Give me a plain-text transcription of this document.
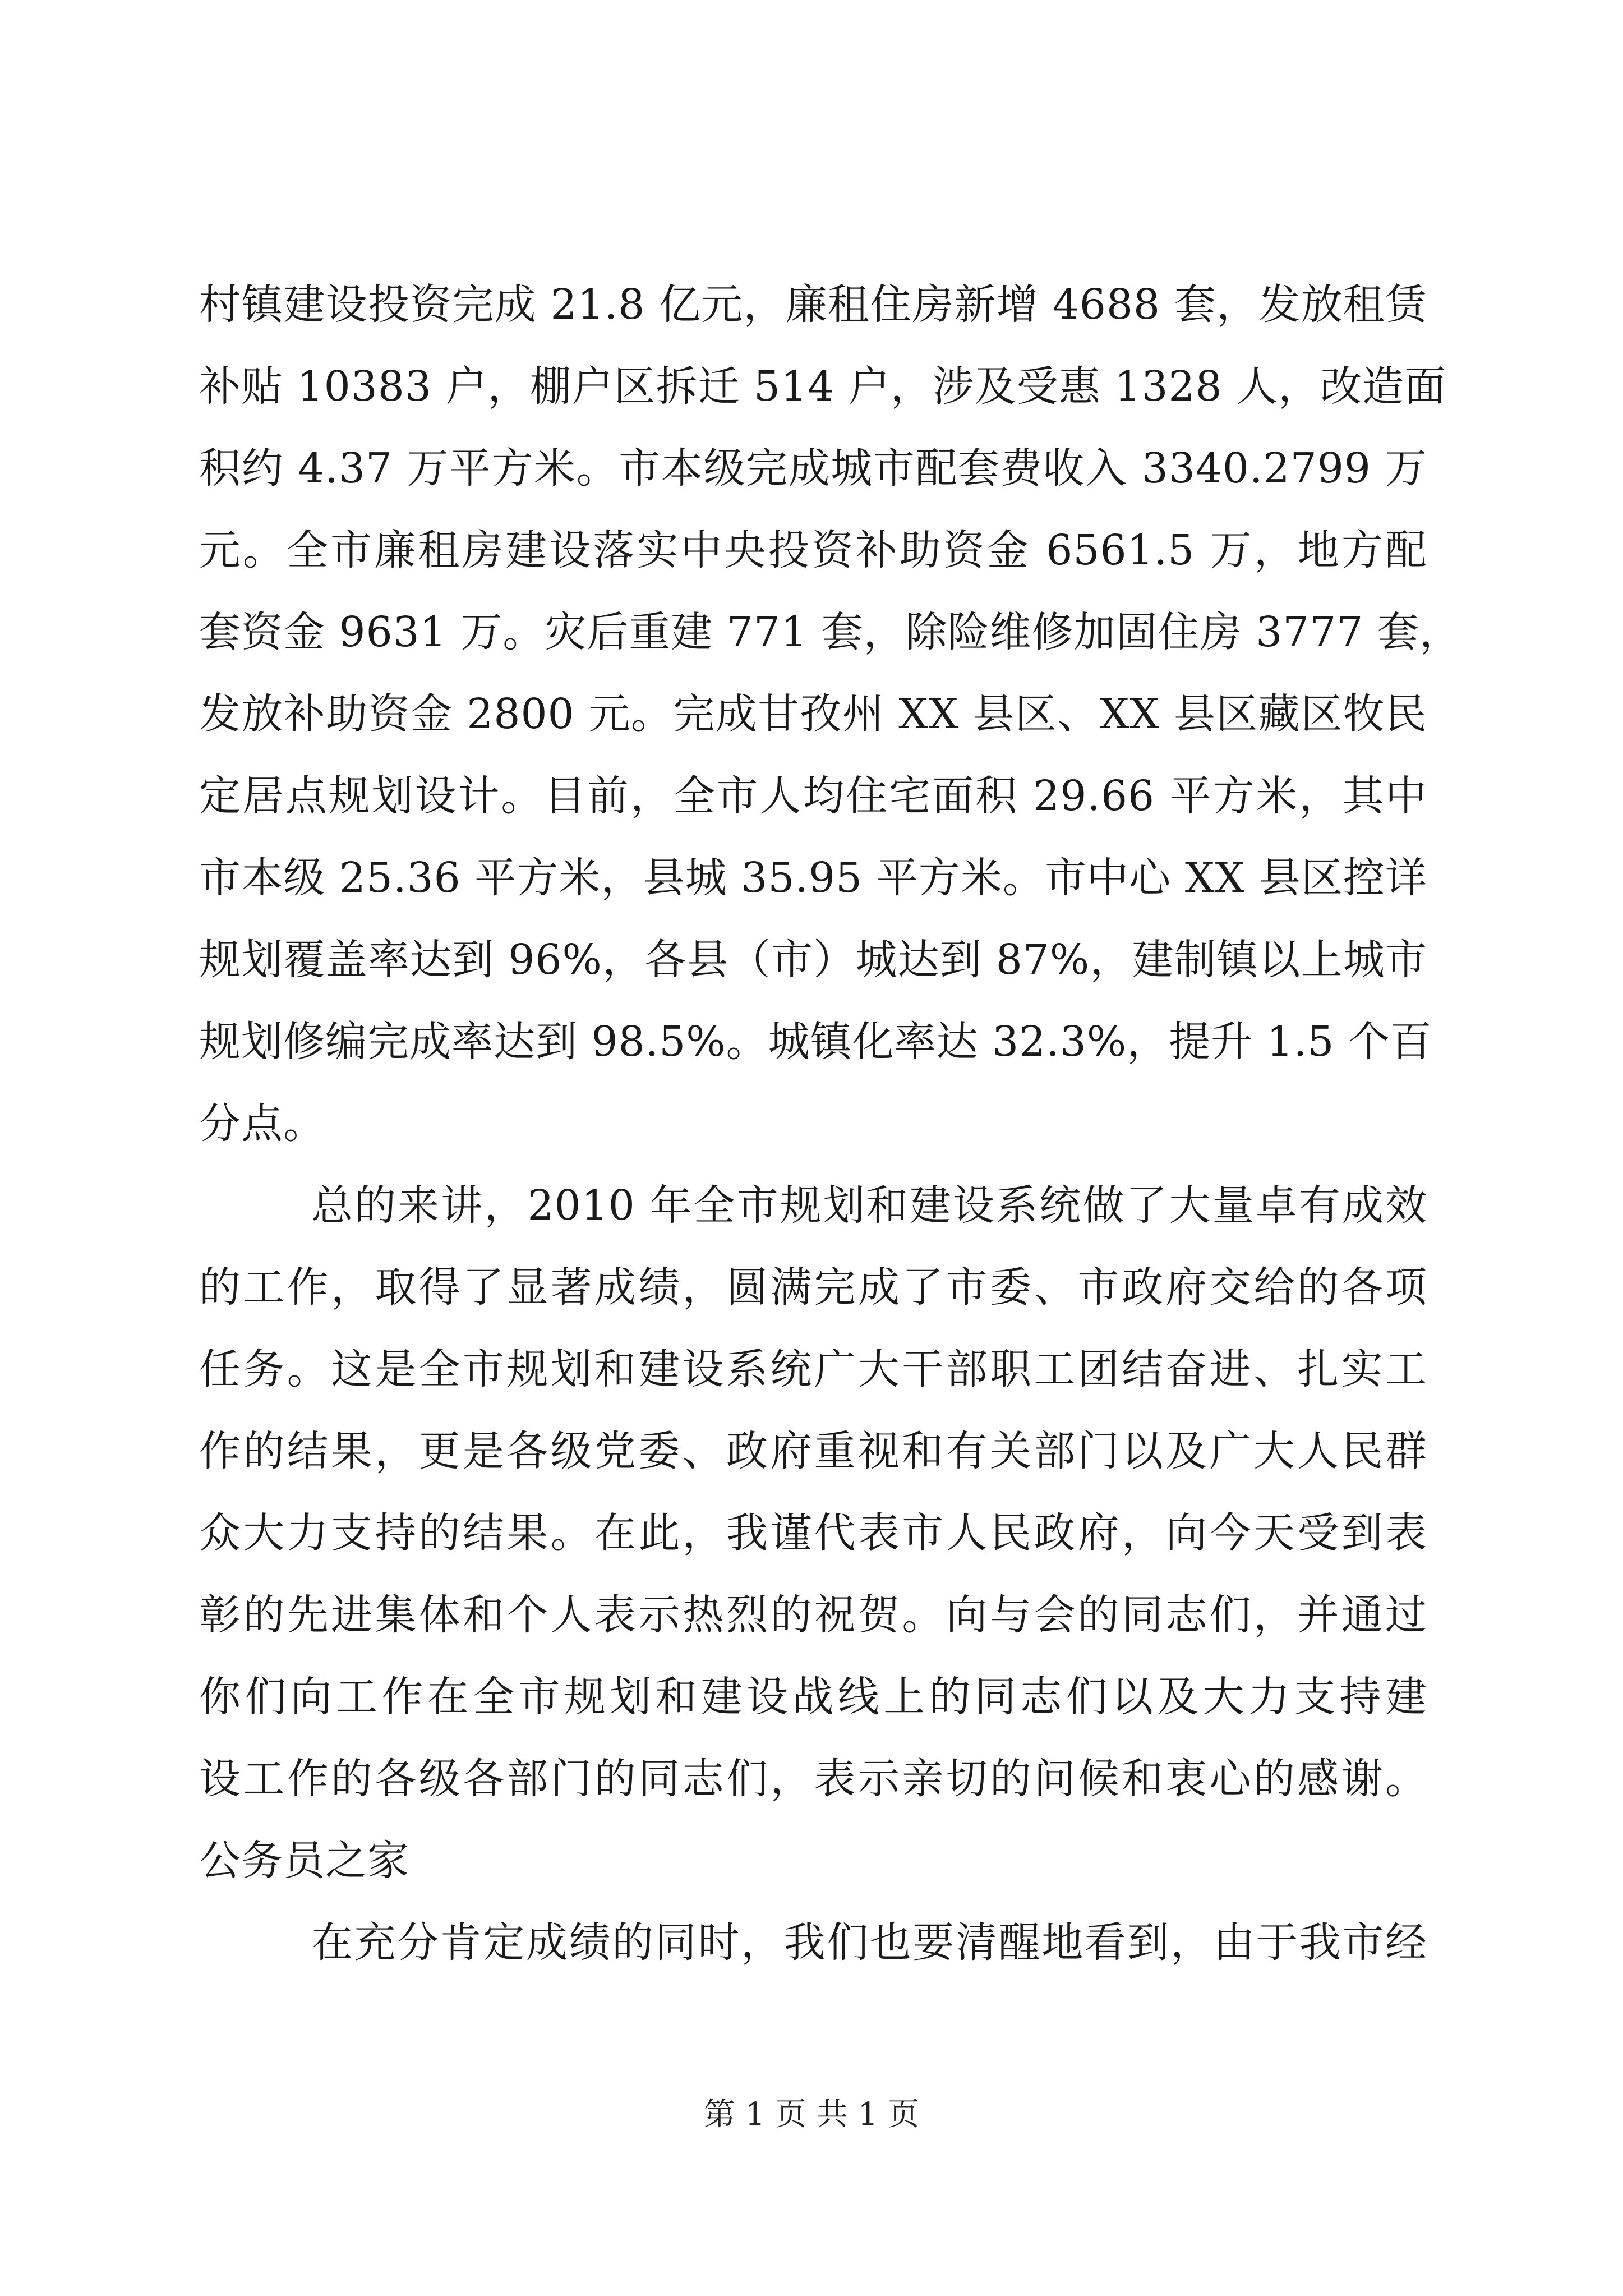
村镇建设投资完成 21.8 亿元，廉租住房新增 4688 套，发放租赁
补贴 10383 户，棚户区拆迁 514 户，涉及受惠 1328 人，改造面
积约 4.37 万平方米。市本级完成城市配套费收入 3340.2799 万
元。全市廉租房建设落实中央投资补助资金 6561.5 万，地方配
套资金 9631 万。灾后重建 771 套，除险维修加固住房 3777 套，
发放补助资金 2800 元。完成甘孜州 XX 县区、XX 县区藏区牧民
定居点规划设计。目前，全市人均住宅面积 29.66 平方米，其中
市本级 25.36 平方米，县城 35.95 平方米。市中心 XX 县区控详
规划覆盖率达到 96%，各县（市）城达到 87%，建制镇以上城市
规划修编完成率达到 98.5%。城镇化率达 32.3%，提升 1.5 个百
分点。
总的来讲，2010 年全市规划和建设系统做了大量卓有成效
的工作，取得了显著成绩，圆满完成了市委、市政府交给的各项
任务。这是全市规划和建设系统广大干部职工团结奋进、扎实工
作的结果，更是各级党委、政府重视和有关部门以及广大人民群
众大力支持的结果。在此，我谨代表市人民政府，向今天受到表
彰的先进集体和个人表示热烈的祝贺。向与会的同志们，并通过
你们向工作在全市规划和建设战线上的同志们以及大力支持建
设工作的各级各部门的同志们，表示亲切的问候和衷心的感谢。
公务员之家
在充分肯定成绩的同时，我们也要清醒地看到，由于我市经
第 1 页 共 1 页
